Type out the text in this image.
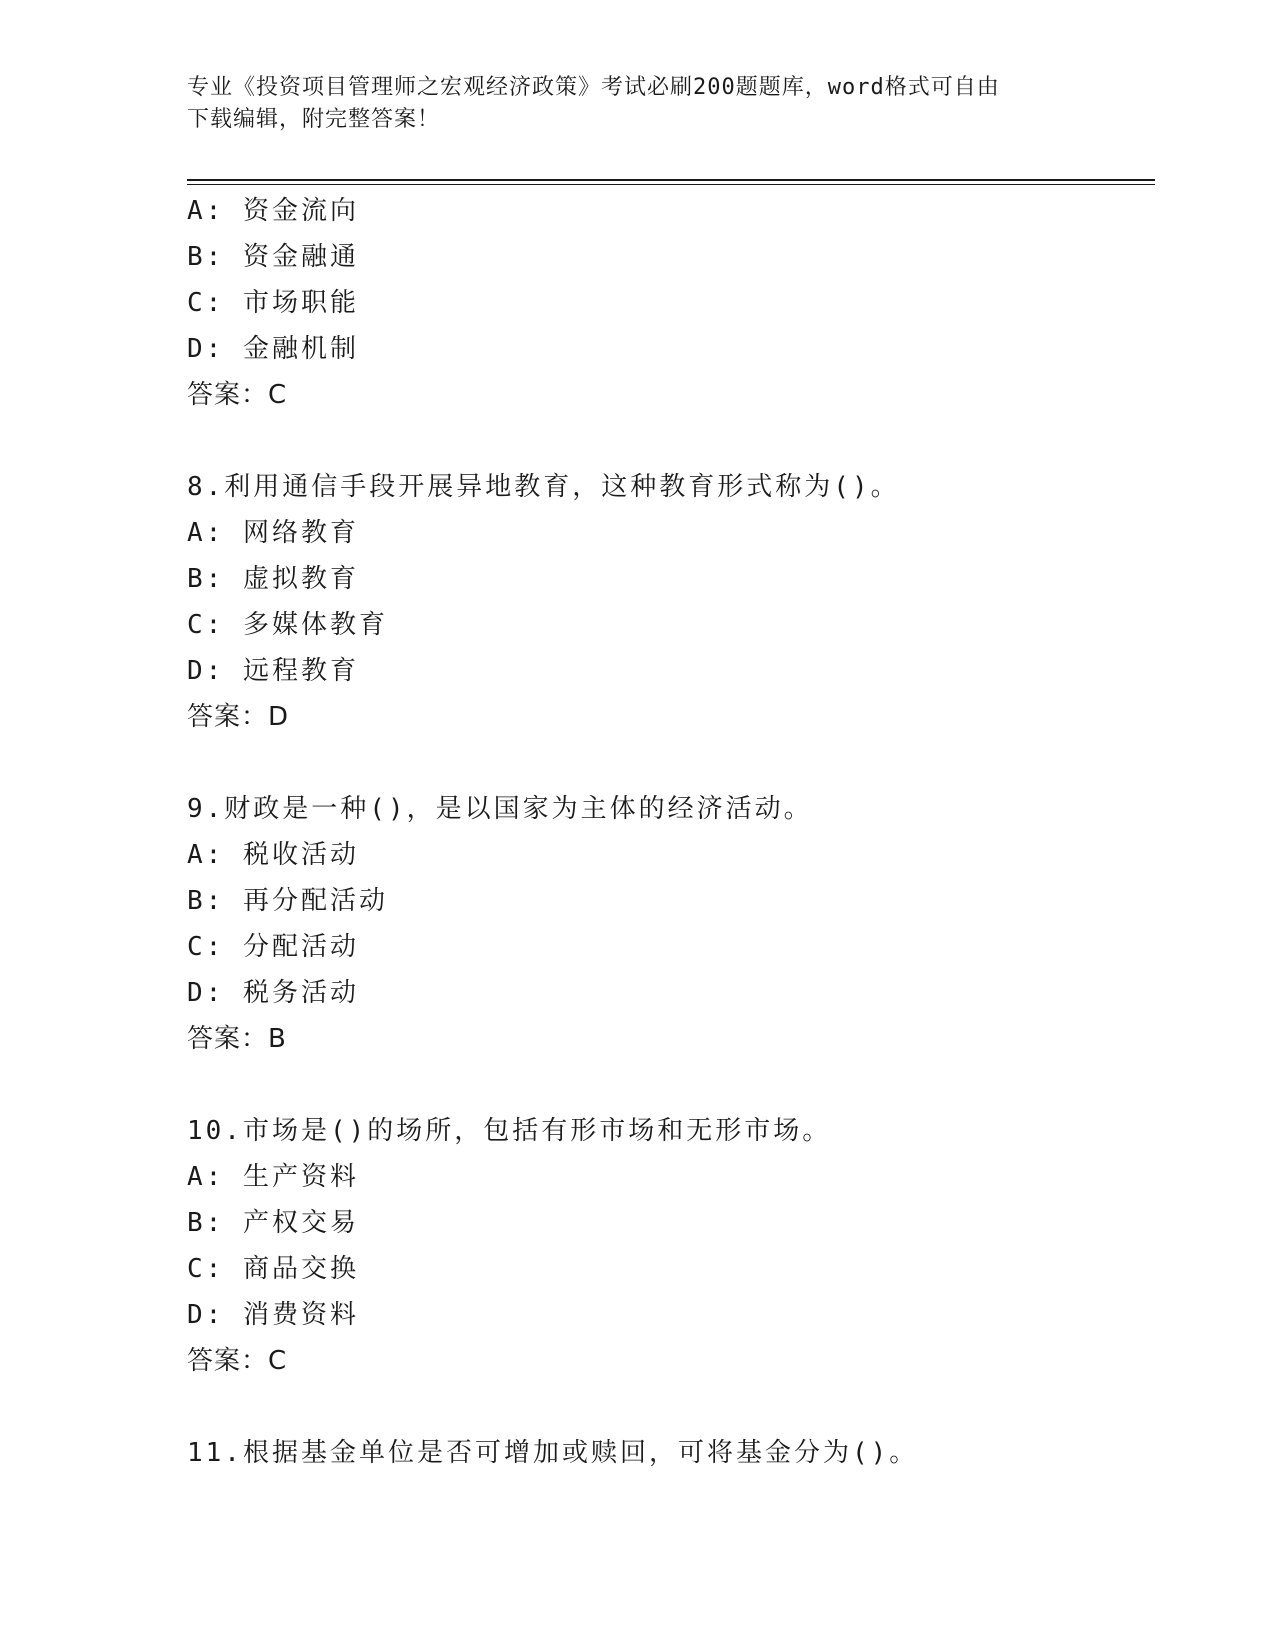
专业《投资项目管理师之宏观经济政策》考试必刷200题题库，word格式可自由
下载编辑，附完整答案！
A: 资金流向
B: 资金融通
C: 市场职能
D: 金融机制
答案：C
8.利用通信手段开展异地教育，这种教育形式称为()。
A: 网络教育
B: 虚拟教育
C: 多媒体教育
D: 远程教育
答案：D
9.财政是一种()，是以国家为主体的经济活动。
A: 税收活动
B: 再分配活动
C: 分配活动
D: 税务活动
答案：B
10.市场是()的场所，包括有形市场和无形市场。
A: 生产资料
B: 产权交易
C: 商品交换
D: 消费资料
答案：C
11.根据基金单位是否可增加或赎回，可将基金分为()。
